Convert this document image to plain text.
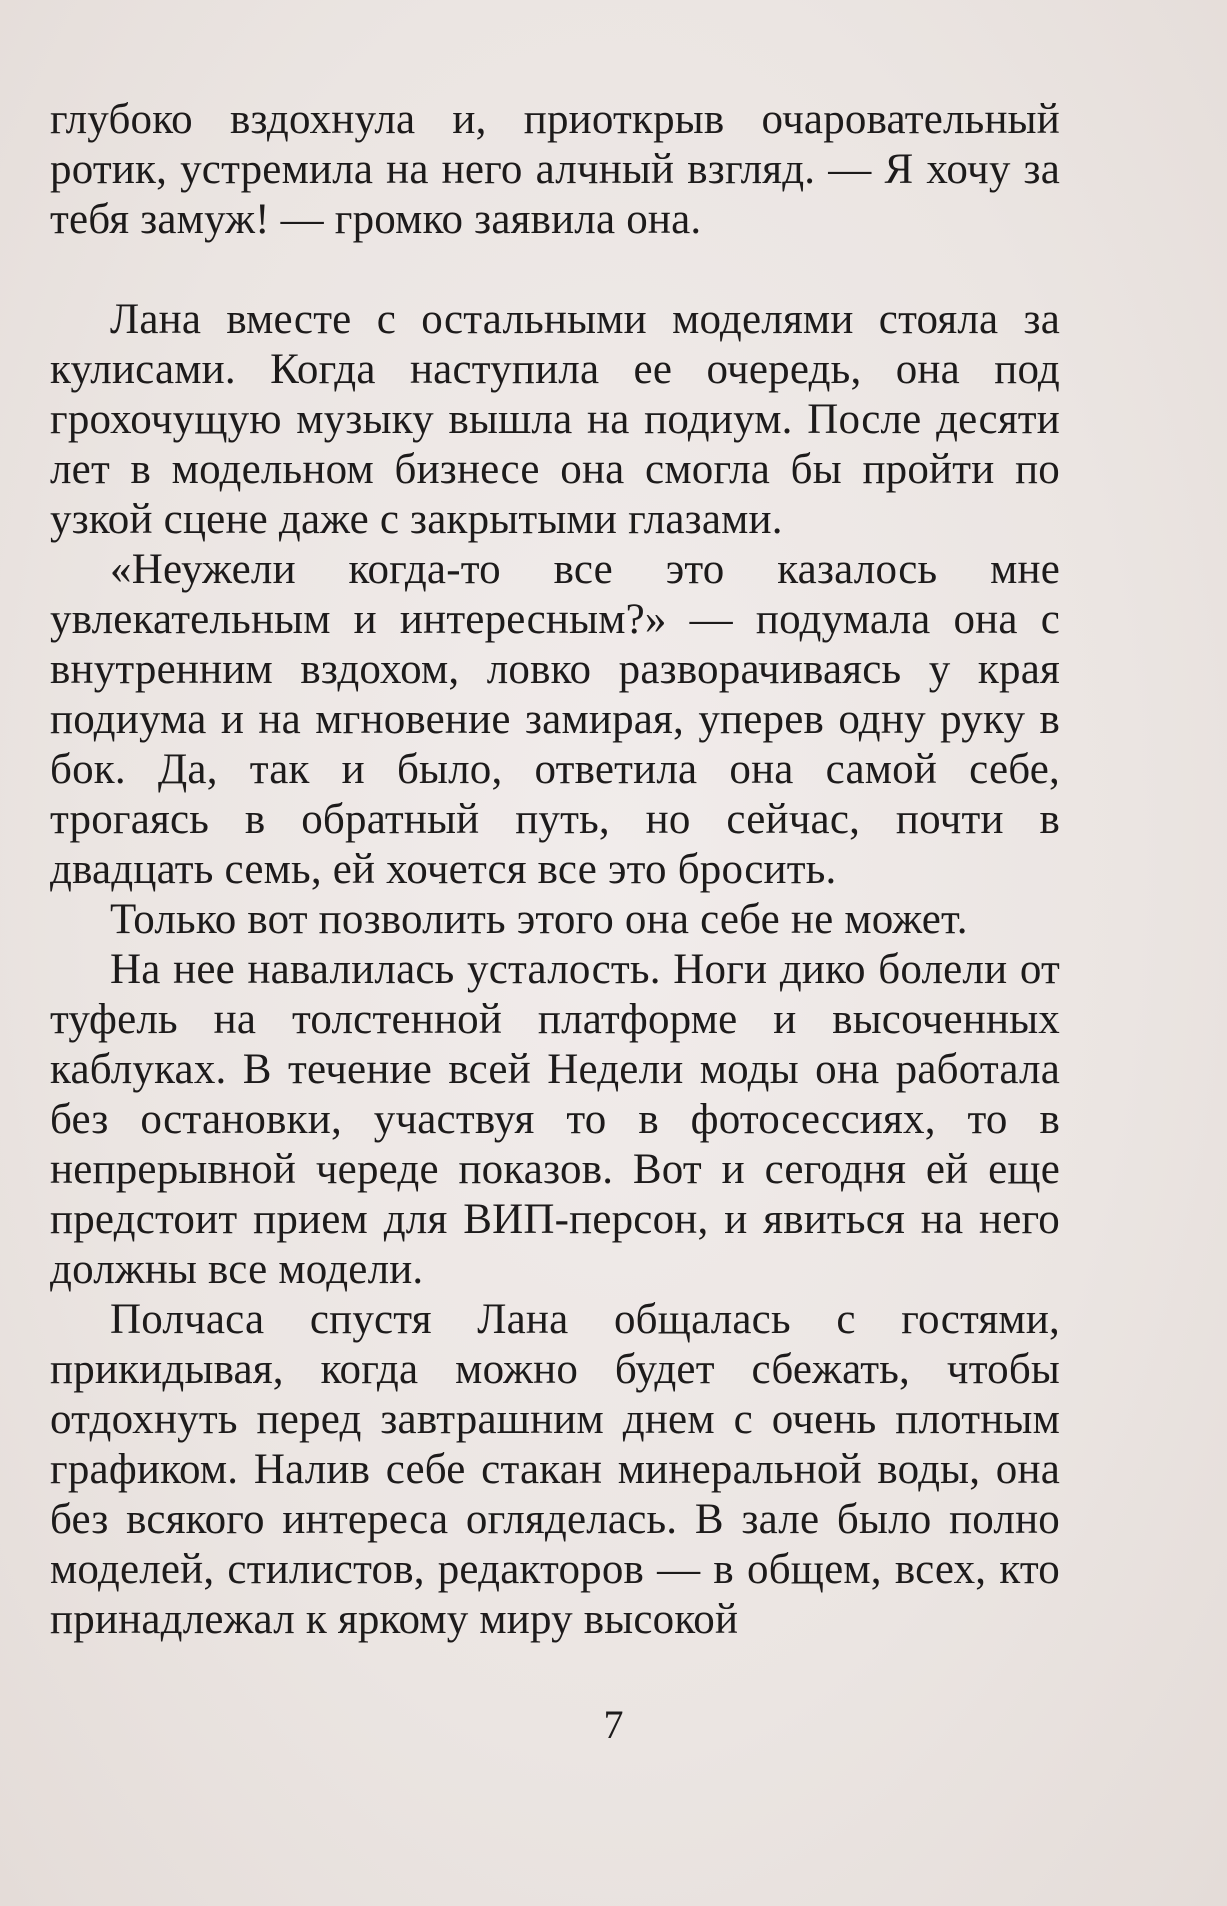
глубоко вздохнула и, приоткрыв очаровательный ротик, устремила на него алчный взгляд. — Я хочу за тебя замуж! — громко заявила она.

Лана вместе с остальными моделями стояла за кулисами. Когда наступила ее очередь, она под грохочущую музыку вышла на подиум. После десяти лет в модельном бизнесе она смогла бы пройти по узкой сцене даже с закрытыми глазами.

«Неужели когда-то все это казалось мне увлекательным и интересным?» — подумала она с внутренним вздохом, ловко разворачиваясь у края подиума и на мгновение замирая, уперев одну руку в бок. Да, так и было, ответила она самой себе, трогаясь в обратный путь, но сейчас, почти в двадцать семь, ей хочется все это бросить.

Только вот позволить этого она себе не может.

На нее навалилась усталость. Ноги дико болели от туфель на толстенной платформе и высоченных каблуках. В течение всей Недели моды она работала без остановки, участвуя то в фотосессиях, то в непрерывной череде показов. Вот и сегодня ей еще предстоит прием для ВИП-персон, и явиться на него должны все модели.

Полчаса спустя Лана общалась с гостями, прикидывая, когда можно будет сбежать, чтобы отдохнуть перед завтрашним днем с очень плотным графиком. Налив себе стакан минеральной воды, она без всякого интереса огляделась. В зале было полно моделей, стилистов, редакторов — в общем, всех, кто принадлежал к яркому миру высокой

7
